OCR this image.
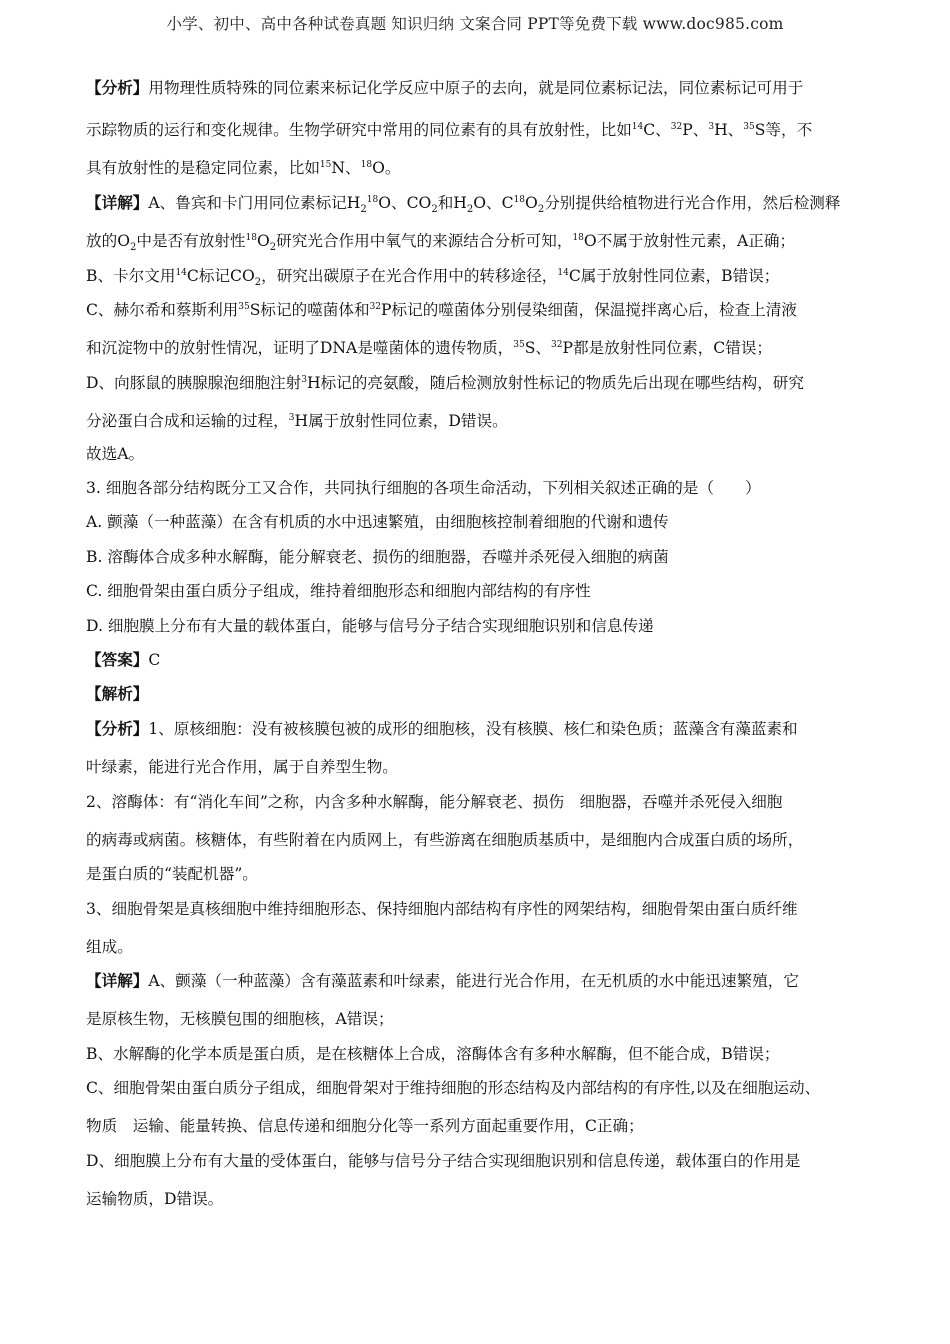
小学、初中、高中各种试卷真题 知识归纳 文案合同 PPT等免费下载 www.doc985.com
【分析】用物理性质特殊的同位素来标记化学反应中原子的去向，就是同位素标记法，同位素标记可用于
示踪物质的运行和变化规律。生物学研究中常用的同位素有的具有放射性，比如$^{14}$C、$^{32}$P、$^3$H、$^{35}$S等，不
具有放射性的是稳定同位素，比如$^{15}$N、$^{18}$O。
【详解】A、鲁宾和卡门用同位素标记$H_2^{18}O$、$CO_2$和$H_2O$、$C^{18}O_2$分别提供给植物进行光合作用，然后检测释
放的$O_2$中是否有放射性$^{18}O_2$研究光合作用中氧气的来源结合分析可知，$^{18}$O不属于放射性元素，A正确；
B、卡尔文用$^{14}$C标记$CO_2$，研究出碳原子在光合作用中的转移途径，$^{14}$C属于放射性同位素，B错误；
C、赫尔希和蔡斯利用$^{35}$S标记的噬菌体和$^{32}$P标记的噬菌体分别侵染细菌，保温搅拌离心后，检查上清液
和沉淀物中的放射性情况，证明了DNA是噬菌体的遗传物质，$^{35}$S、$^{32}$P都是放射性同位素，C错误；
D、向豚鼠的胰腺腺泡细胞注射$^3$H标记的亮氨酸，随后检测放射性标记的物质先后出现在哪些结构，研究
分泌蛋白合成和运输的过程，$^3$H属于放射性同位素，D错误。
故选A。
3. 细胞各部分结构既分工又合作，共同执行细胞的各项生命活动，下列相关叙述正确的是（　　）
A. 颤藻（一种蓝藻）在含有机质的水中迅速繁殖，由细胞核控制着细胞的代谢和遗传
B. 溶酶体合成多种水解酶，能分解衰老、损伤的细胞器，吞噬并杀死侵入细胞的病菌
C. 细胞骨架由蛋白质分子组成，维持着细胞形态和细胞内部结构的有序性
D. 细胞膜上分布有大量的载体蛋白，能够与信号分子结合实现细胞识别和信息传递
【答案】C
【解析】
【分析】1、原核细胞：没有被核膜包被的成形的细胞核，没有核膜、核仁和染色质；蓝藻含有藻蓝素和
叶绿素，能进行光合作用，属于自养型生物。
2、溶酶体：有“消化车间”之称，内含多种水解酶，能分解衰老、损伤　细胞器，吞噬并杀死侵入细胞
的病毒或病菌。核糖体，有些附着在内质网上，有些游离在细胞质基质中，是细胞内合成蛋白质的场所，
是蛋白质的“装配机器”。
3、细胞骨架是真核细胞中维持细胞形态、保持细胞内部结构有序性的网架结构，细胞骨架由蛋白质纤维
组成。
【详解】A、颤藻（一种蓝藻）含有藻蓝素和叶绿素，能进行光合作用，在无机质的水中能迅速繁殖，它
是原核生物，无核膜包围的细胞核，A错误；
B、水解酶的化学本质是蛋白质，是在核糖体上合成，溶酶体含有多种水解酶，但不能合成，B错误；
C、细胞骨架由蛋白质分子组成，细胞骨架对于维持细胞的形态结构及内部结构的有序性,以及在细胞运动、
物质　运输、能量转换、信息传递和细胞分化等一系列方面起重要作用，C正确；
D、细胞膜上分布有大量的受体蛋白，能够与信号分子结合实现细胞识别和信息传递，载体蛋白的作用是
运输物质，D错误。
